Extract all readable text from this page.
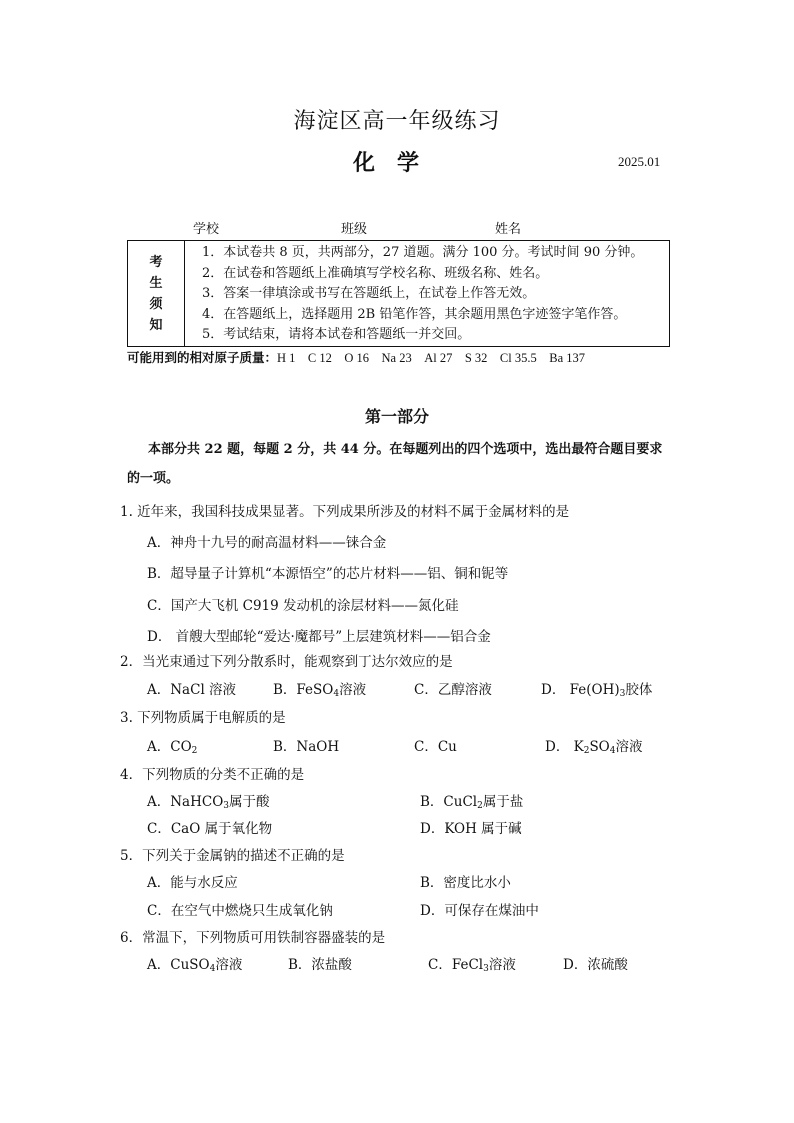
海淀区高一年级练习
化学	2025.01
学校	班级	姓名
考
生
须
知
1．本试卷共 8 页，共两部分，27 道题。满分 100 分。考试时间 90 分钟。
2．在试卷和答题纸上准确填写学校名称、班级名称、姓名。
3．答案一律填涂或书写在答题纸上，在试卷上作答无效。
4．在答题纸上，选择题用 2B 铅笔作答，其余题用黑色字迹签字笔作答。
5．考试结束，请将本试卷和答题纸一并交回。
可能用到的相对原子质量：H 1　C 12　O 16　Na 23　Al 27　S 32　Cl 35.5　Ba 137
第一部分
本部分共 22 题，每题 2 分，共 44 分。在每题列出的四个选项中，选出最符合题目要求的一项。
1. 近年来，我国科技成果显著。下列成果所涉及的材料不属于金属材料的是
A．神舟十九号的耐高温材料——铼合金
B．超导量子计算机“本源悟空”的芯片材料——铝、铜和铌等
C．国产大飞机 C919 发动机的涂层材料——氮化硅
D． 首艘大型邮轮“爱达·魔都号”上层建筑材料——铝合金
2．当光束通过下列分散系时，能观察到丁达尔效应的是
A．NaCl 溶液	B．FeSO$_4$溶液	C．乙醇溶液	D． $Fe(OH)_3$胶体
3. 下列物质属于电解质的是
A．$CO_2$	B．NaOH	C．Cu	D． $K_2SO_4$溶液
4．下列物质的分类不正确的是
A．NaHCO$_3$属于酸	B．CuCl$_2$属于盐
C．CaO 属于氧化物	D．KOH 属于碱
5．下列关于金属钠的描述不正确的是
A．能与水反应	B．密度比水小
C．在空气中燃烧只生成氧化钠	D．可保存在煤油中
6．常温下，下列物质可用铁制容器盛装的是
A．CuSO$_4$溶液	B．浓盐酸	C．FeCl$_3$溶液	D．浓硫酸
